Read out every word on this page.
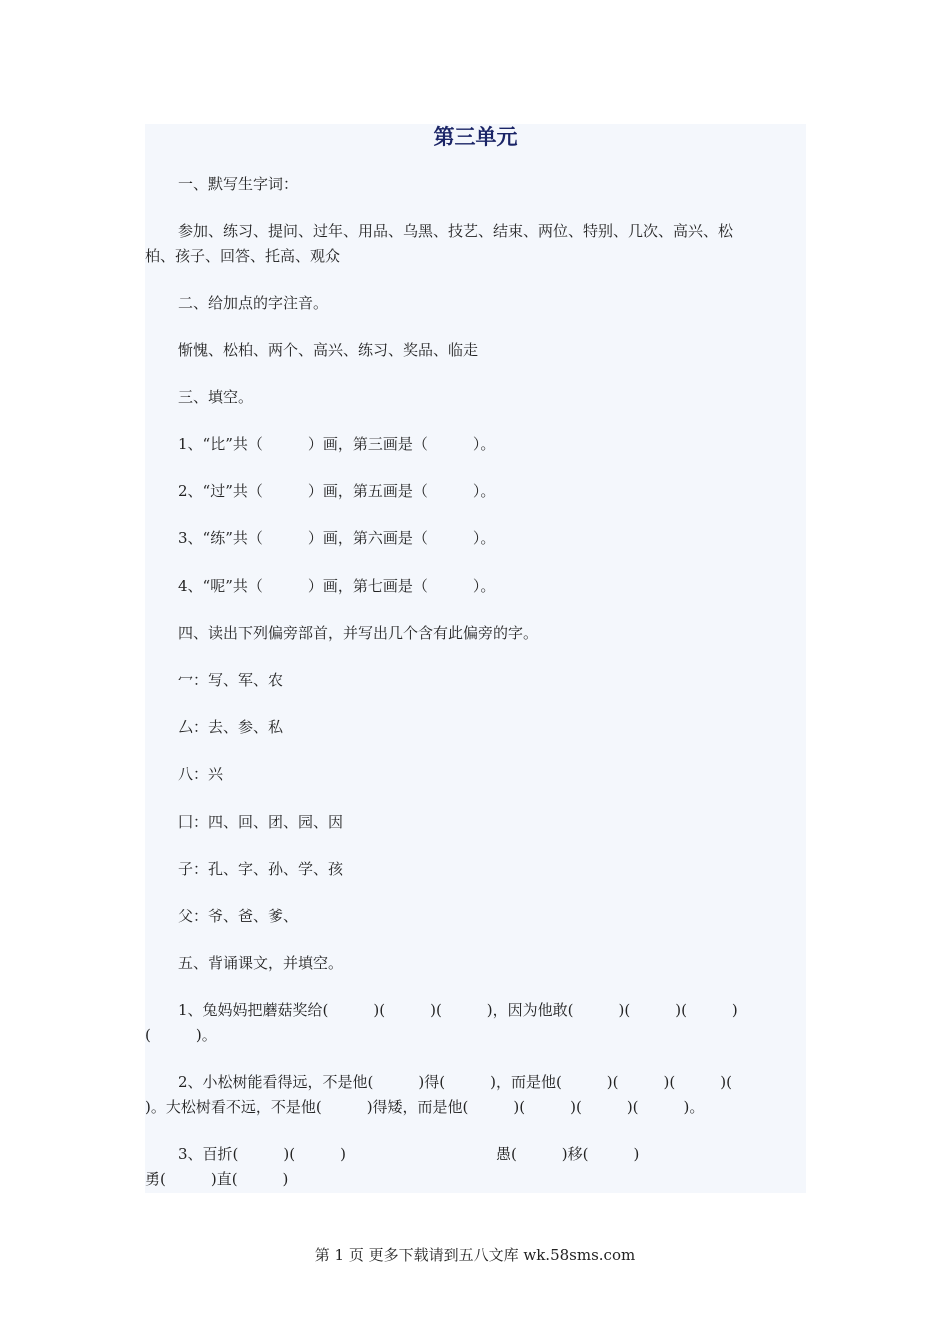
第三单元

一、默写生字词：

参加、练习、提问、过年、用品、乌黑、技艺、结束、两位、特别、几次、高兴、松

柏、孩子、回答、托高、观众

二、给加点的字注音。

惭愧、松柏、两个、高兴、练习、奖品、临走

三、填空。

1、“比”共（　　　）画，第三画是（　　　）。

2、“过”共（　　　）画，第五画是（　　　）。

3、“练”共（　　　）画，第六画是（　　　）。

4、“呢”共（　　　）画，第七画是（　　　）。

四、读出下列偏旁部首，并写出几个含有此偏旁的字。

冖：写、军、农

厶：去、参、私

八：兴

囗：四、回、团、园、因

子：孔、字、孙、学、孩

父：爷、爸、爹、

五、背诵课文，并填空。

1、兔妈妈把蘑菇奖给(　　　)(　　　)(　　　)，因为他敢(　　　)(　　　)(　　　)

(　　　)。

2、小松树能看得远，不是他(　　　)得(　　　)，而是他(　　　)(　　　)(　　　)(

)。大松树看不远，不是他(　　　)得矮，而是他(　　　)(　　　)(　　　)(　　　)。

3、百折(　　　)(　　　)　　　　　　　　　　愚(　　　)移(　　　)

勇(　　　)直(　　　)

第 1 页 更多下载请到五八文库 wk.58sms.com
